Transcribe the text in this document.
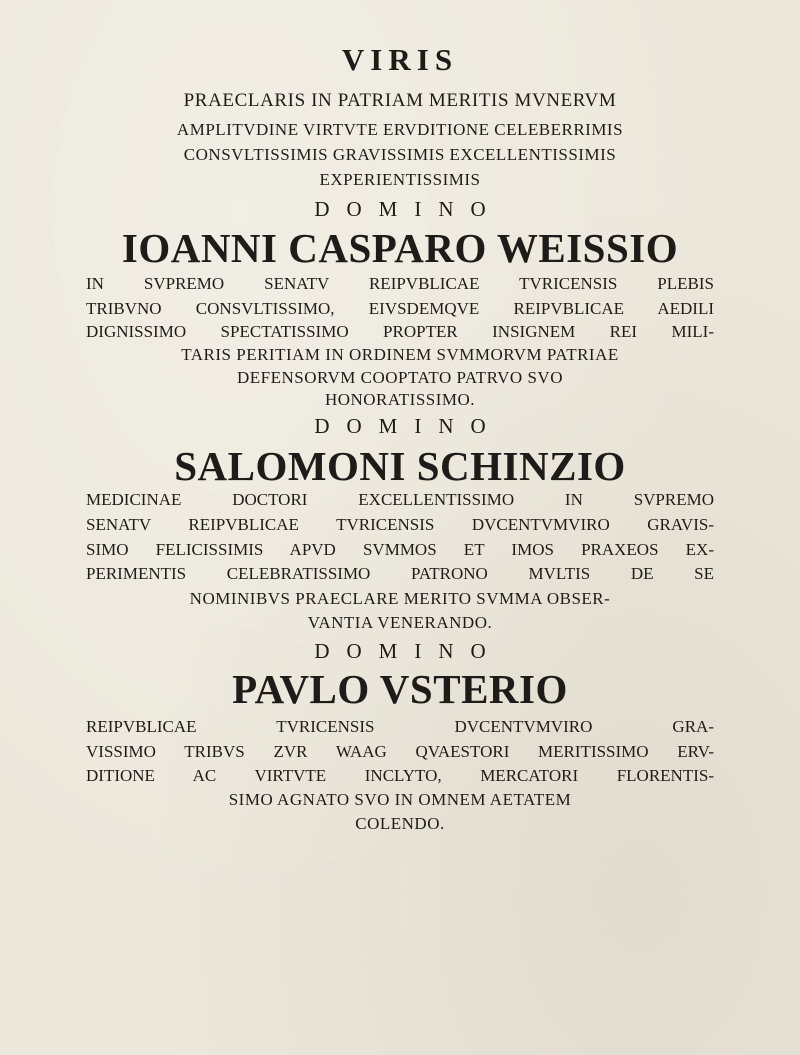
VIRIS
PRAECLARIS IN PATRIAM MERITIS MVNERVM
AMPLITVDINE VIRTVTE ERVDITIONE CELEBERRIMIS
CONSVLTISSIMIS GRAVISSIMIS EXCELLENTISSIMIS
EXPERIENTISSIMIS
DOMINO
IOANNI CASPARO WEISSIO
IN SVPREMO SENATV REIPVBLICAE TVRICENSIS PLEBIS
TRIBVNO CONSVLTISSIMO, EIVSDEMQVE REIPVBLICAE AEDILI
DIGNISSIMO SPECTATISSIMO PROPTER INSIGNEM REI MILI-
TARIS PERITIAM IN ORDINEM SVMMORVM PATRIAE
DEFENSORVM COOPTATO PATRVO SVO
HONORATISSIMO.
DOMINO
SALOMONI SCHINZIO
MEDICINAE DOCTORI EXCELLENTISSIMO IN SVPREMO
SENATV REIPVBLICAE TVRICENSIS DVCENTVMVIRO GRAVIS-
SIMO FELICISSIMIS APVD SVMMOS ET IMOS PRAXEOS EX-
PERIMENTIS CELEBRATISSIMO PATRONO MVLTIS DE SE
NOMINIBVS PRAECLARE MERITO SVMMA OBSER-
VANTIA VENERANDO.
DOMINO
PAVLO VSTERIO
REIPVBLICAE TVRICENSIS DVCENTVMVIRO GRA-
VISSIMO TRIBVS ZVR WAAG QVAESTORI MERITISSIMO ERV-
DITIONE AC VIRTVTE INCLYTO, MERCATORI FLORENTIS-
SIMO AGNATO SVO IN OMNEM AETATEM
COLENDO.
